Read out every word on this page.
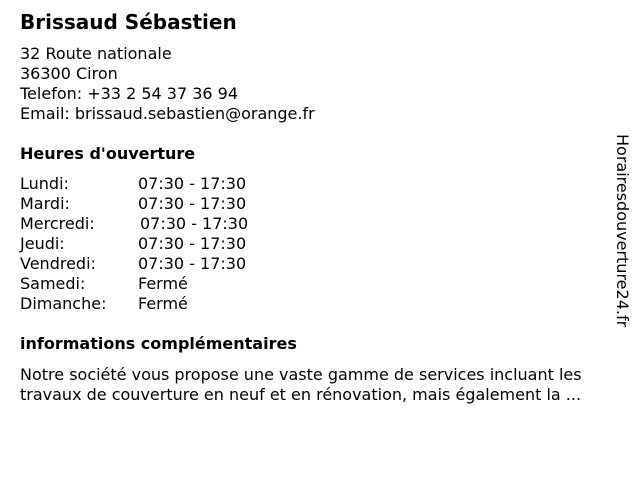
Brissaud Sébastien
32 Route nationale
36300 Ciron
Telefon: +33 2 54 37 36 94
Email: brissaud.sebastien@orange.fr
Heures d'ouverture
Lundi:	07:30 - 17:30
Mardi:	07:30 - 17:30
Mercredi:	07:30 - 17:30
Jeudi:	07:30 - 17:30
Vendredi:	07:30 - 17:30
Samedi:	Fermé
Dimanche: Fermé
informations complémentaires
Notre société vous propose une vaste gamme de services incluant les
travaux de couverture en neuf et en rénovation, mais également la ...
Horairesdouverture24.fr
